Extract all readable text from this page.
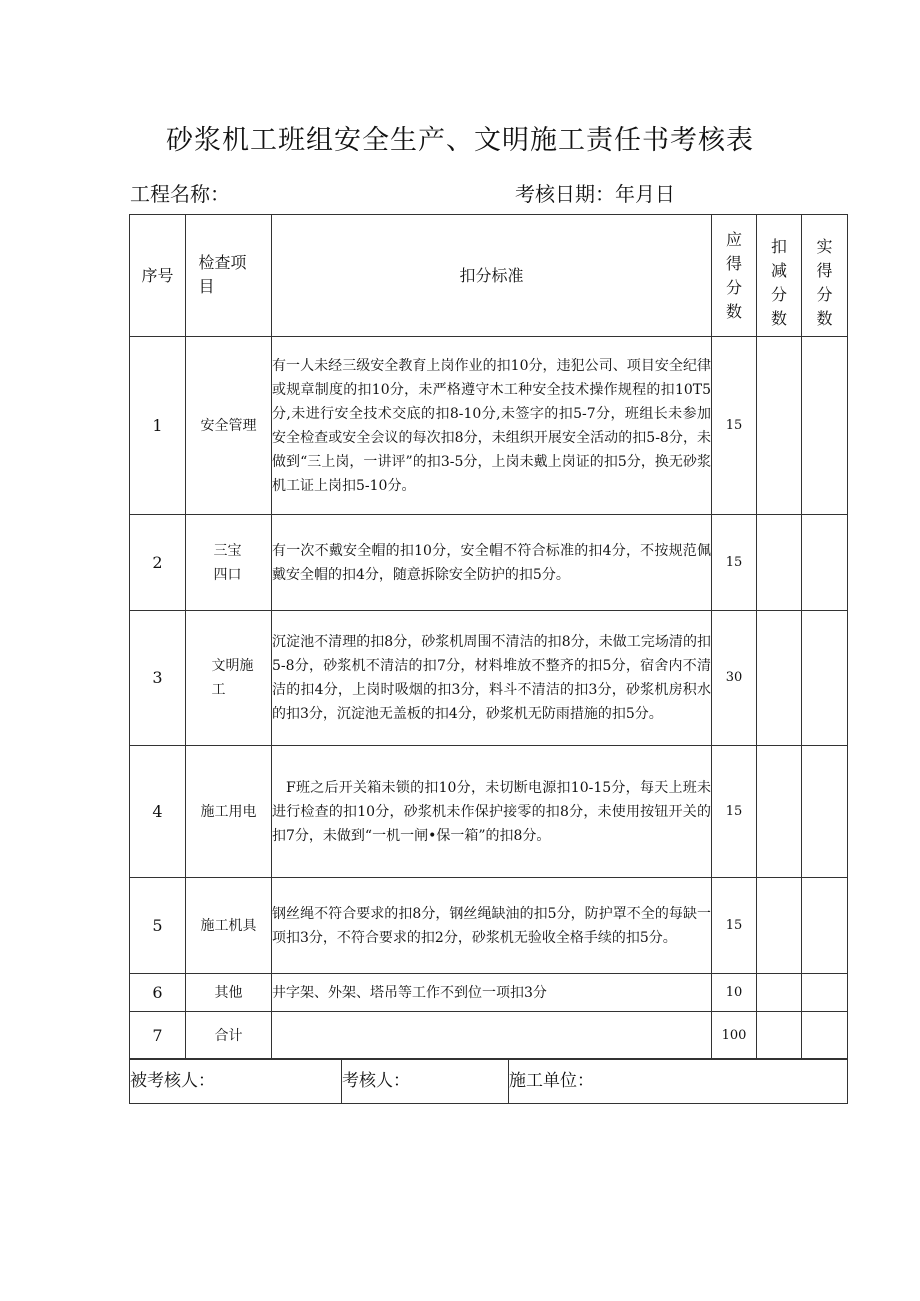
砂浆机工班组安全生产、文明施工责任书考核表
工程名称：	考核日期：年月日
序号	检查项目	扣分标准	应得分数	扣减分数	实得分数
1	安全管理	有一人未经三级安全教育上岗作业的扣10分，违犯公司、项目安全纪律或规章制度的扣10分，未严格遵守木工种安全技术操作规程的扣10T5分,未进行安全技术交底的扣8-10分,未签字的扣5-7分，班组长未参加安全检查或安全会议的每次扣8分，未组织开展安全活动的扣5-8分，未做到“三上岗，一讲评”的扣3-5分，上岗未戴上岗证的扣5分，换无砂浆机工证上岗扣5-10分。	15		
2	三宝四口	有一次不戴安全帽的扣10分，安全帽不符合标准的扣4分，不按规范佩戴安全帽的扣4分，随意拆除安全防护的扣5分。	15		
3	文明施工	沉淀池不清理的扣8分，砂浆机周围不清洁的扣8分，未做工完场清的扣5-8分，砂浆机不清洁的扣7分，材料堆放不整齐的扣5分，宿舍内不清洁的扣4分，上岗时吸烟的扣3分，料斗不清洁的扣3分，砂浆机房积水的扣3分，沉淀池无盖板的扣4分，砂浆机无防雨措施的扣5分。	30		
4	施工用电	F班之后开关箱未锁的扣10分，未切断电源扣10-15分，每天上班未进行检查的扣10分，砂浆机未作保护接零的扣8分，未使用按钮开关的扣7分，未做到“一机一闸•保一箱”的扣8分。	15		
5	施工机具	钢丝绳不符合要求的扣8分，钢丝绳缺油的扣5分，防护罩不全的每缺一项扣3分，不符合要求的扣2分，砂浆机无验收全格手续的扣5分。	15		
6	其他	井字架、外架、塔吊等工作不到位一项扣3分	10		
7	合计		100		
被考核人：	考核人：	施工单位：
